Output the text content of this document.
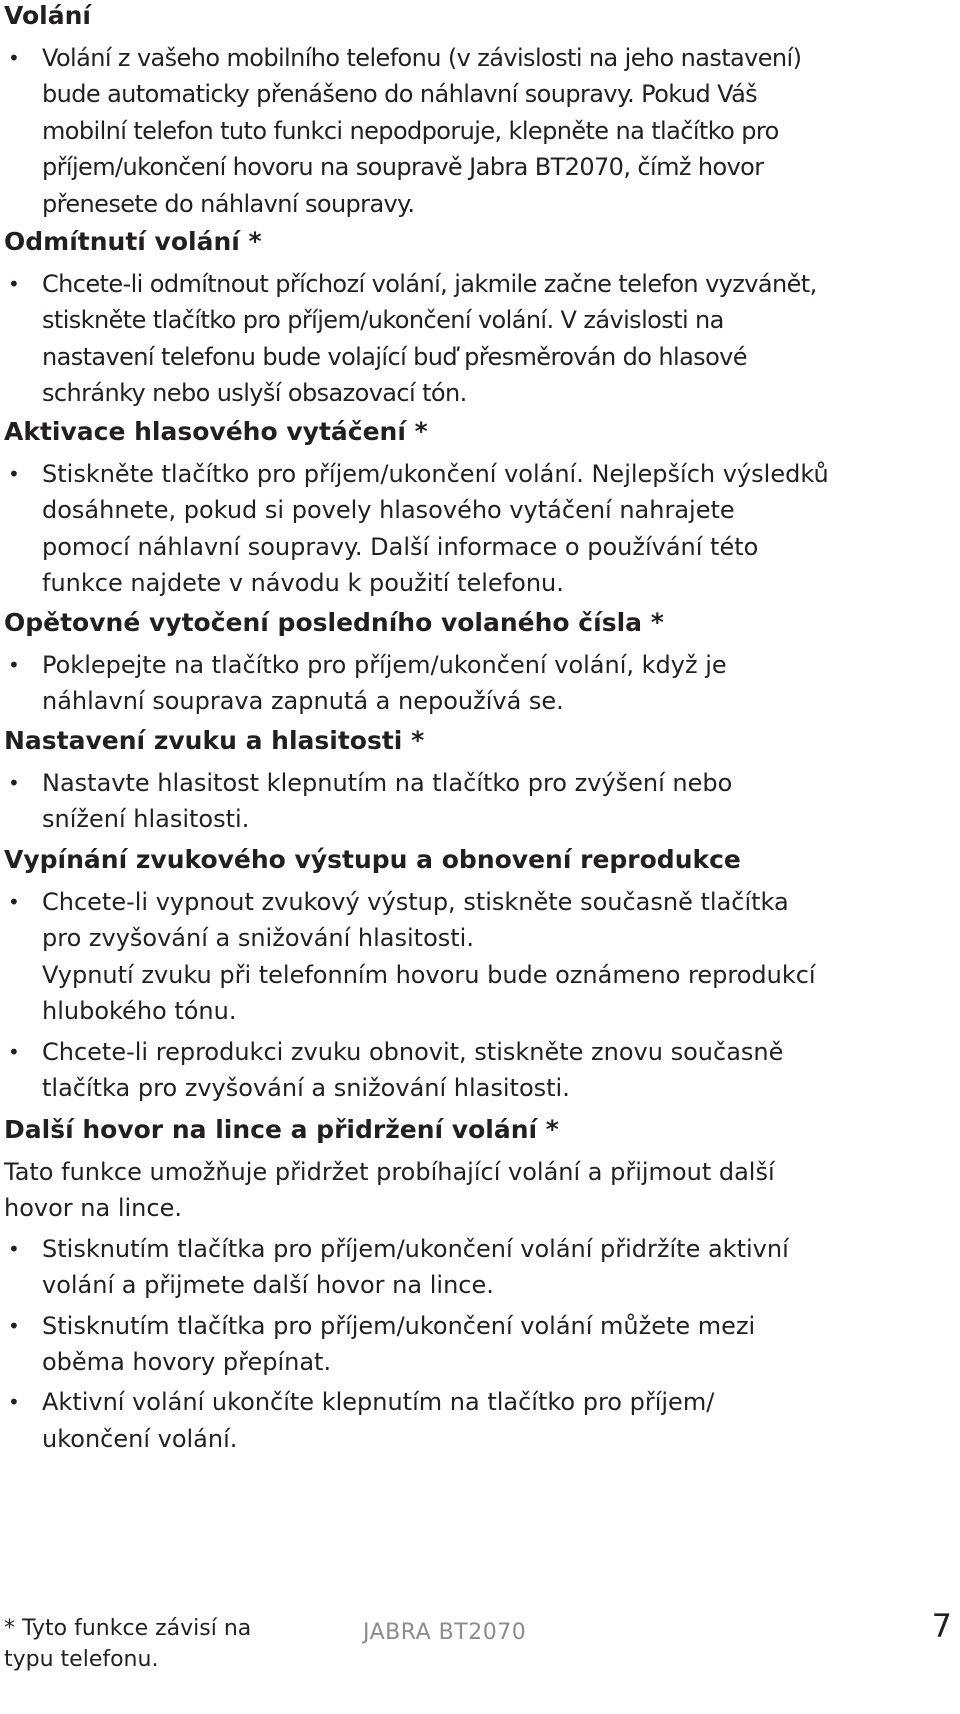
Volání
• Volání z vašeho mobilního telefonu (v závislosti na jeho nastavení)
bude automaticky přenášeno do náhlavní soupravy. Pokud Váš
mobilní telefon tuto funkci nepodporuje, klepněte na tlačítko pro
příjem/ukončení hovoru na soupravě Jabra BT2070, čímž hovor
přenesete do náhlavní soupravy.
Odmítnutí volání *
• Chcete-li odmítnout příchozí volání, jakmile začne telefon vyzvánět,
stiskněte tlačítko pro příjem/ukončení volání. V závislosti na
nastavení telefonu bude volající buď přesměrován do hlasové
schránky nebo uslyší obsazovací tón.
Aktivace hlasového vytáčení *
• Stiskněte tlačítko pro příjem/ukončení volání. Nejlepších výsledků
dosáhnete, pokud si povely hlasového vytáčení nahrajete
pomocí náhlavní soupravy. Další informace o používání této
funkce najdete v návodu k použití telefonu.
Opětovné vytočení posledního volaného čísla *
• Poklepejte na tlačítko pro příjem/ukončení volání, když je
náhlavní souprava zapnutá a nepoužívá se.
Nastavení zvuku a hlasitosti *
• Nastavte hlasitost klepnutím na tlačítko pro zvýšení nebo
snížení hlasitosti.
Vypínání zvukového výstupu a obnovení reprodukce
• Chcete-li vypnout zvukový výstup, stiskněte současně tlačítka
pro zvyšování a snižování hlasitosti.
Vypnutí zvuku při telefonním hovoru bude oznámeno reprodukcí
hlubokého tónu.
• Chcete-li reprodukci zvuku obnovit, stiskněte znovu současně
tlačítka pro zvyšování a snižování hlasitosti.
Další hovor na lince a přidržení volání *

Tato funkce umožňuje přidržet probíhající volání a přijmout další
hovor na lince.

• Stisknutím tlačítka pro příjem/ukončení volání přidržíte aktivní
volání a přijmete další hovor na lince.
• Stisknutím tlačítka pro příjem/ukončení volání můžete mezi
oběma hovory přepínat.
• Aktivní volání ukončíte klepnutím na tlačítko pro příjem/
ukončení volání.
* Tyto funkce závisí na
typu telefonu.
JABRA BT2070	7
